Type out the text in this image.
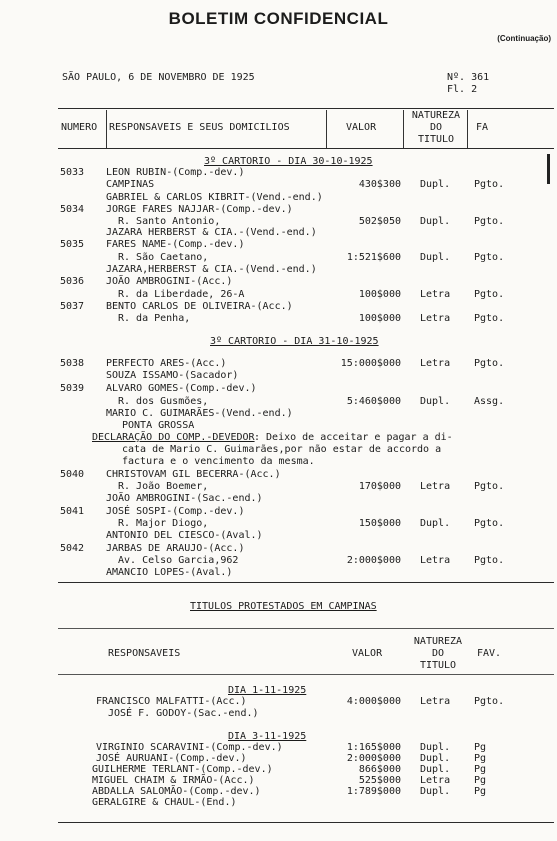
BOLETIM CONFIDENCIAL
(Continuação)
SÃO PAULO, 6 DE NOVEMBRO DE 1925	Nº. 361
Fl. 2
NUMERO RESPONSAVEIS E SEUS DOMICILIOS	VALOR
NATUREZA
DO
TITULO
FA
3º CARTORIO - DIA 30-10-1925
5033 LEON RUBIN-(Comp.-dev.)
CAMPINAS	430$300 Dupl. Pgto.
GABRIEL & CARLOS KIBRIT-(Vend.-end.)
5034 JORGE FARES NAJJAR-(Comp.-dev.)
R. Santo Antonio,	502$050 Dupl. Pgto.
JAZARA HERBERST & CIA.-(Vend.-end.)
5035 FARES NAME-(Comp.-dev.)
R. São Caetano,	1:521$600 Dupl. Pgto.
JAZARA,HERBERST & CIA.-(Vend.-end.)
5036 JOÃO AMBROGINI-(Acc.)
R. da Liberdade, 26-A	100$000 Letra Pgto.
5037 BENTO CARLOS DE OLIVEIRA-(Acc.)
R. da Penha,	100$000 Letra Pgto.
3º CARTORIO - DIA 31-10-1925
5038 PERFECTO ARES-(Acc.)	15:000$000 Letra Pgto.
SOUZA ISSAMO-(Sacador)
5039 ALVARO GOMES-(Comp.-dev.)
R. dos Gusmões,	5:460$000 Dupl. Assg.
MARIO C. GUIMARÃES-(Vend.-end.)
PONTA GROSSA
DECLARAÇÃO DO COMP.-DEVEDOR : Deixo de acceitar e pagar a di-
cata de Mario C. Guimarães,por não estar de accordo a
factura e o vencimento da mesma.
5040 CHRISTOVAM GIL BECERRA-(Acc.)
R. João Boemer,	170$000 Letra Pgto.
JOÃO AMBROGINI-(Sac.-end.)
5041 JOSÉ SOSPI-(Comp.-dev.)
R. Major Diogo,	150$000 Dupl. Pgto.
ANTONIO DEL CIESCO-(Aval.)
5042 JARBAS DE ARAUJO-(Acc.)
Av. Celso Garcia,962	2:000$000 Letra Pgto.
AMANCIO LOPES-(Aval.)
TITULOS PROTESTADOS EM CAMPINAS
RESPONSAVEIS	VALOR
NATUREZA
DO
TITULO
FAV.
DIA 1-11-1925
FRANCISCO MALFATTI-(Acc.)	4:000$000 Letra Pgto.
JOSÉ F. GODOY-(Sac.-end.)
DIA 3-11-1925
VIRGINIO SCARAVINI-(Comp.-dev.)	1:165$000 Dupl. Pg
JOSÉ AURUANI-(Comp.-dev.)	2:000$000 Dupl. Pg
GUILHERME TERLANT-(Comp.-dev.)	866$000 Dupl. Pg
MIGUEL CHAIM & IRMÃO-(Acc.)	525$000 Letra Pg
ABDALLA SALOMÃO-(Comp.-dev.)	1:789$000 Dupl. Pg
GERALGIRE & CHAUL-(End.)
